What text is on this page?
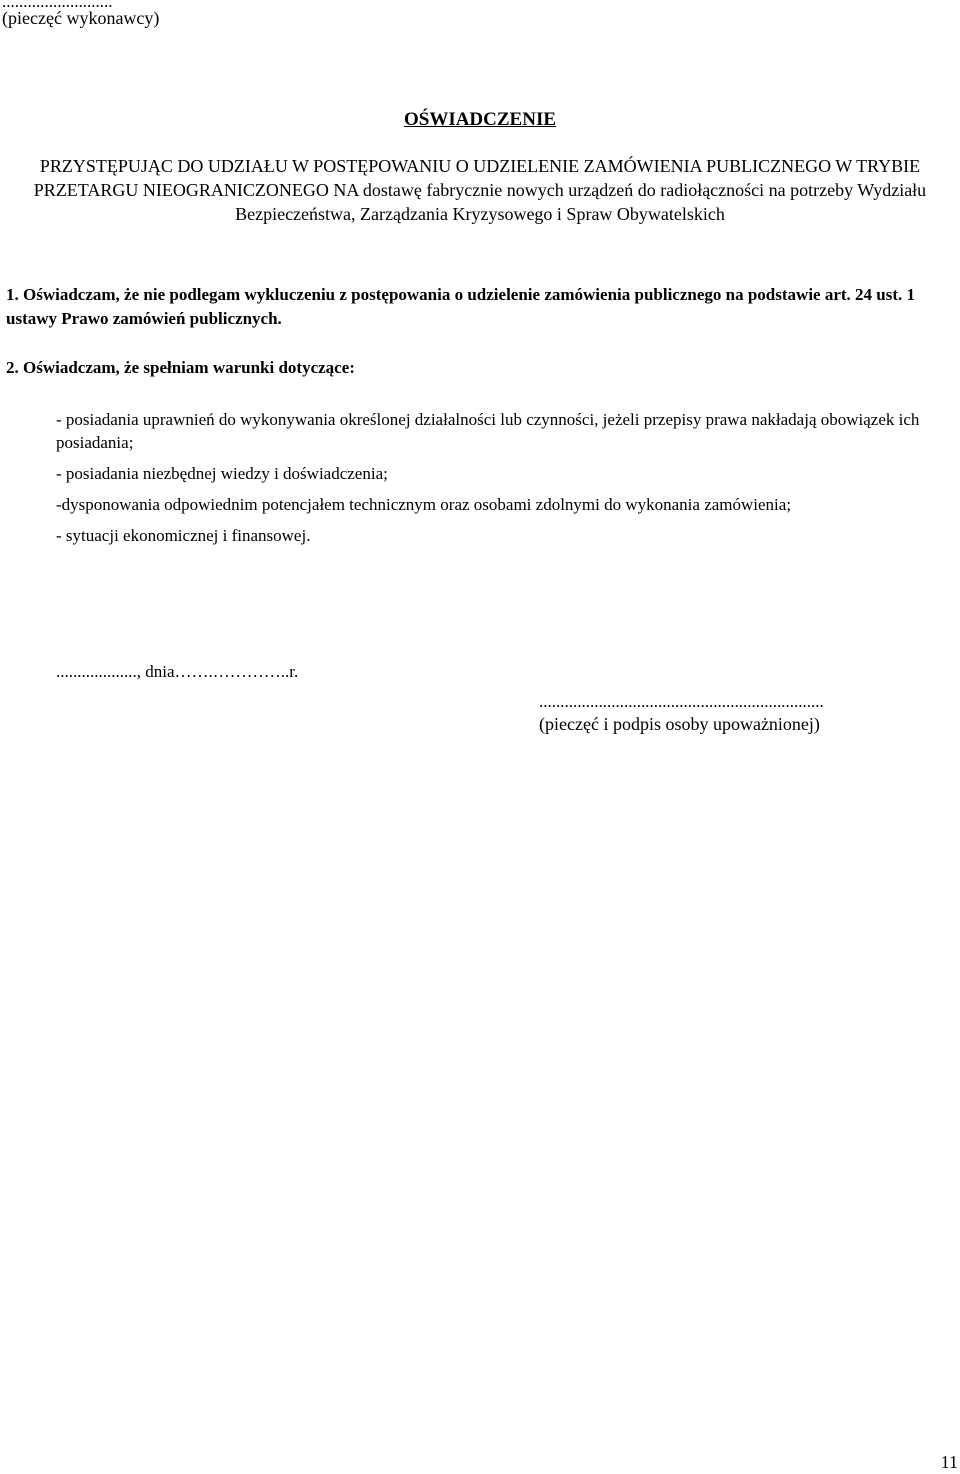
..........................
(pieczęć wykonawcy)
OŚWIADCZENIE
PRZYSTĘPUJĄC DO UDZIAŁU W POSTĘPOWANIU O UDZIELENIE ZAMÓWIENIA PUBLICZNEGO W TRYBIE PRZETARGU NIEOGRANICZONEGO NA dostawę fabrycznie nowych urządzeń do radiołączności na potrzeby Wydziału Bezpieczeństwa, Zarządzania Kryzysowego i Spraw Obywatelskich
1. Oświadczam, że nie podlegam wykluczeniu z postępowania o udzielenie zamówienia publicznego na podstawie art. 24 ust. 1 ustawy Prawo zamówień publicznych.
2. Oświadczam, że spełniam warunki dotyczące:
- posiadania uprawnień do wykonywania określonej działalności lub czynności, jeżeli przepisy prawa nakładają obowiązek ich posiadania;
- posiadania niezbędnej wiedzy i doświadczenia;
-dysponowania odpowiednim potencjałem technicznym oraz osobami zdolnymi do wykonania zamówienia;
- sytuacji ekonomicznej i finansowej.
..................., dnia…….…………..r.
...................................................................
(pieczęć i podpis osoby upoważnionej)
11
